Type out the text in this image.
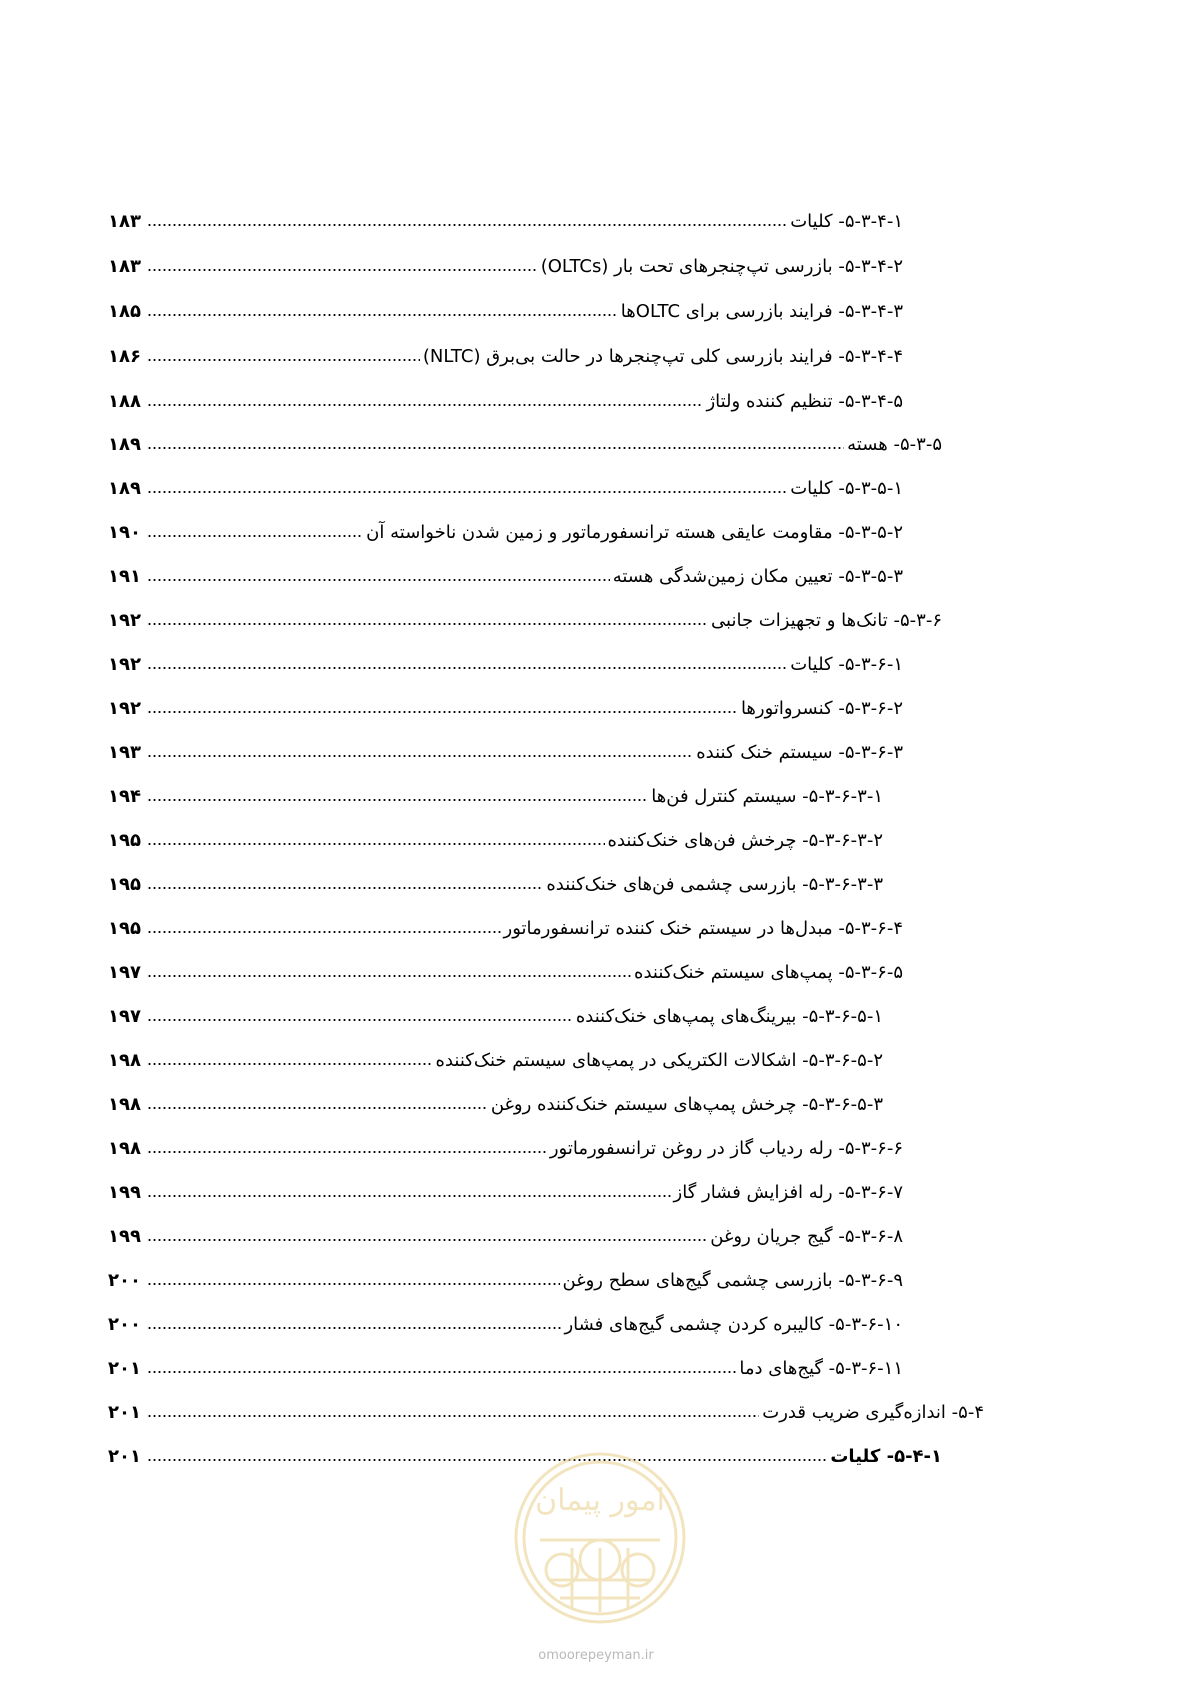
۱۸۳	۵-۳-۴-۱- کلیات
۱۸۳	۵-۳-۴-۲- بازرسی تپ‌چنجرهای تحت بار (OLTCs)
۱۸۵	۵-۳-۴-۳- فرایند بازرسی برای OLTCها
۱۸۶	۵-۳-۴-۴- فرایند بازرسی کلی تپ‌چنجرها در حالت بی‌برق (NLTC)
۱۸۸	۵-۳-۴-۵- تنظیم کننده ولتاژ
۱۸۹	۵-۳-۵- هسته
۱۸۹	۵-۳-۵-۱- کلیات
۱۹۰	۵-۳-۵-۲- مقاومت عایقی هسته ترانسفورماتور و زمین شدن ناخواسته آن
۱۹۱	۵-۳-۵-۳- تعیین مکان زمین‌شدگی هسته
۱۹۲	۵-۳-۶- تانک‌ها و تجهیزات جانبی
۱۹۲	۵-۳-۶-۱- کلیات
۱۹۲	۵-۳-۶-۲- کنسرواتورها
۱۹۳	۵-۳-۶-۳- سیستم خنک کننده
۱۹۴	۵-۳-۶-۳-۱- سیستم کنترل فن‌ها
۱۹۵	۵-۳-۶-۳-۲- چرخش فن‌های خنک‌کننده
۱۹۵	۵-۳-۶-۳-۳- بازرسی چشمی فن‌های خنک‌کننده
۱۹۵	۵-۳-۶-۴- مبدل‌ها در سیستم خنک کننده ترانسفورماتور
۱۹۷	۵-۳-۶-۵- پمپ‌های سیستم خنک‌کننده
۱۹۷	۵-۳-۶-۵-۱- بیرینگ‌های پمپ‌های خنک‌کننده
۱۹۸	۵-۳-۶-۵-۲- اشکالات الکتریکی در پمپ‌های سیستم خنک‌کننده
۱۹۸	۵-۳-۶-۵-۳- چرخش پمپ‌های سیستم خنک‌کننده روغن
۱۹۸	۵-۳-۶-۶- رله ردیاب گاز در روغن ترانسفورماتور
۱۹۹	۵-۳-۶-۷- رله افزایش فشار گاز
۱۹۹	۵-۳-۶-۸- گیج جریان روغن
۲۰۰	۵-۳-۶-۹- بازرسی چشمی گیج‌های سطح روغن
۲۰۰	۵-۳-۶-۱۰- کالیبره کردن چشمی گیج‌های فشار
۲۰۱	۵-۳-۶-۱۱- گیج‌های دما
۲۰۱	۵-۴- اندازه‌گیری ضریب قدرت
۲۰۱	۵-۴-۱- کلیات
امور پیمان
omoorepeyman.ir
